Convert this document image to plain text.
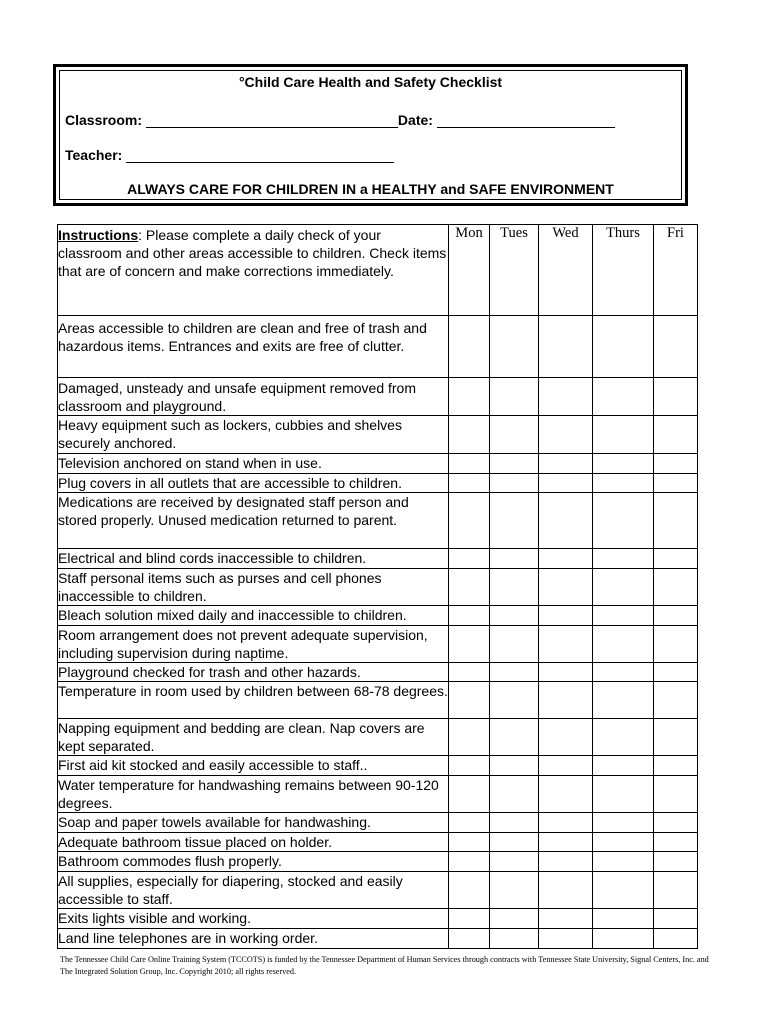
°Child Care Health and Safety Checklist
Classroom:	Date:
Teacher:
ALWAYS CARE FOR CHILDREN IN a HEALTHY and SAFE ENVIRONMENT
Instructions: Please complete a daily check of your classroom and other areas accessible to children. Check items that are of concern and make corrections immediately.	Mon	Tues	Wed	Thurs	Fri
Areas accessible to children are clean and free of trash and hazardous items. Entrances and exits are free of clutter.					
Damaged, unsteady and unsafe equipment removed from classroom and playground.					
Heavy equipment such as lockers, cubbies and shelves securely anchored.					
Television anchored on stand when in use.					
Plug covers in all outlets that are accessible to children.					
Medications are received by designated staff person and stored properly. Unused medication returned to parent.					
Electrical and blind cords inaccessible to children.					
Staff personal items such as purses and cell phones inaccessible to children.					
Bleach solution mixed daily and inaccessible to children.					
Room arrangement does not prevent adequate supervision, including supervision during naptime.					
Playground checked for trash and other hazards.					
Temperature in room used by children between 68-78 degrees.					
Napping equipment and bedding are clean. Nap covers are kept separated.					
First aid kit stocked and easily accessible to staff..					
Water temperature for handwashing remains between 90-120 degrees.					
Soap and paper towels available for handwashing.					
Adequate bathroom tissue placed on holder.					
Bathroom commodes flush properly.					
All supplies, especially for diapering, stocked and easily accessible to staff.					
Exits lights visible and working.					
Land line telephones are in working order.					
The Tennessee Child Care Online Training System (TCCOTS) is funded by the Tennessee Department of Human Services through contracts with Tennessee State University, Signal Centers, Inc. and The Integrated Solution Group, Inc. Copyright 2010; all rights reserved.
